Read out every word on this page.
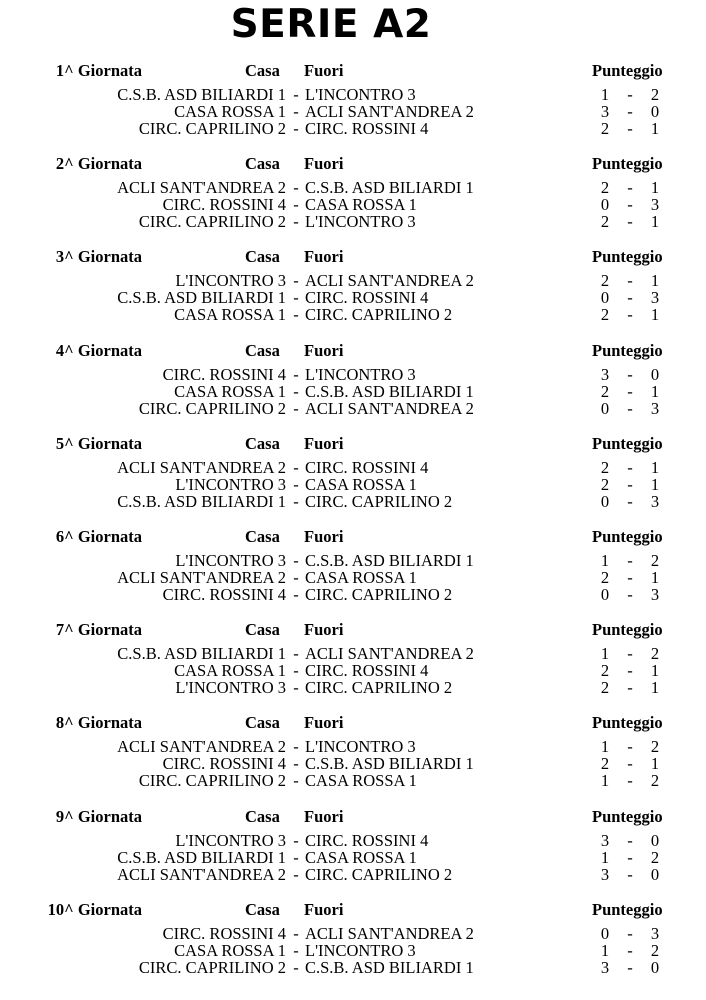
SERIE A2
1^ Giornata	Casa Fuori	Punteggio
C.S.B. ASD BILIARDI 1 - L'INCONTRO 3	1 - 2
CASA ROSSA 1 - ACLI SANT'ANDREA 2	3 - 0
CIRC. CAPRILINO 2 - CIRC. ROSSINI 4	2 - 1
2^ Giornata	Casa Fuori	Punteggio
ACLI SANT'ANDREA 2 - C.S.B. ASD BILIARDI 1	2 - 1
CIRC. ROSSINI 4 - CASA ROSSA 1	0 - 3
CIRC. CAPRILINO 2 - L'INCONTRO 3	2 - 1
3^ Giornata	Casa Fuori	Punteggio
L'INCONTRO 3 - ACLI SANT'ANDREA 2	2 - 1
C.S.B. ASD BILIARDI 1 - CIRC. ROSSINI 4	0 - 3
CASA ROSSA 1 - CIRC. CAPRILINO 2	2 - 1
4^ Giornata	Casa Fuori	Punteggio
CIRC. ROSSINI 4 - L'INCONTRO 3	3 - 0
CASA ROSSA 1 - C.S.B. ASD BILIARDI 1	2 - 1
CIRC. CAPRILINO 2 - ACLI SANT'ANDREA 2	0 - 3
5^ Giornata	Casa Fuori	Punteggio
ACLI SANT'ANDREA 2 - CIRC. ROSSINI 4	2 - 1
L'INCONTRO 3 - CASA ROSSA 1	2 - 1
C.S.B. ASD BILIARDI 1 - CIRC. CAPRILINO 2	0 - 3
6^ Giornata	Casa Fuori	Punteggio
L'INCONTRO 3 - C.S.B. ASD BILIARDI 1	1 - 2
ACLI SANT'ANDREA 2 - CASA ROSSA 1	2 - 1
CIRC. ROSSINI 4 - CIRC. CAPRILINO 2	0 - 3
7^ Giornata	Casa Fuori	Punteggio
C.S.B. ASD BILIARDI 1 - ACLI SANT'ANDREA 2	1 - 2
CASA ROSSA 1 - CIRC. ROSSINI 4	2 - 1
L'INCONTRO 3 - CIRC. CAPRILINO 2	2 - 1
8^ Giornata	Casa Fuori	Punteggio
ACLI SANT'ANDREA 2 - L'INCONTRO 3	1 - 2
CIRC. ROSSINI 4 - C.S.B. ASD BILIARDI 1	2 - 1
CIRC. CAPRILINO 2 - CASA ROSSA 1	1 - 2
9^ Giornata	Casa Fuori	Punteggio
L'INCONTRO 3 - CIRC. ROSSINI 4	3 - 0
C.S.B. ASD BILIARDI 1 - CASA ROSSA 1	1 - 2
ACLI SANT'ANDREA 2 - CIRC. CAPRILINO 2	3 - 0
10^ Giornata	Casa Fuori	Punteggio
CIRC. ROSSINI 4 - ACLI SANT'ANDREA 2	0 - 3
CASA ROSSA 1 - L'INCONTRO 3	1 - 2
CIRC. CAPRILINO 2 - C.S.B. ASD BILIARDI 1	3 - 0
